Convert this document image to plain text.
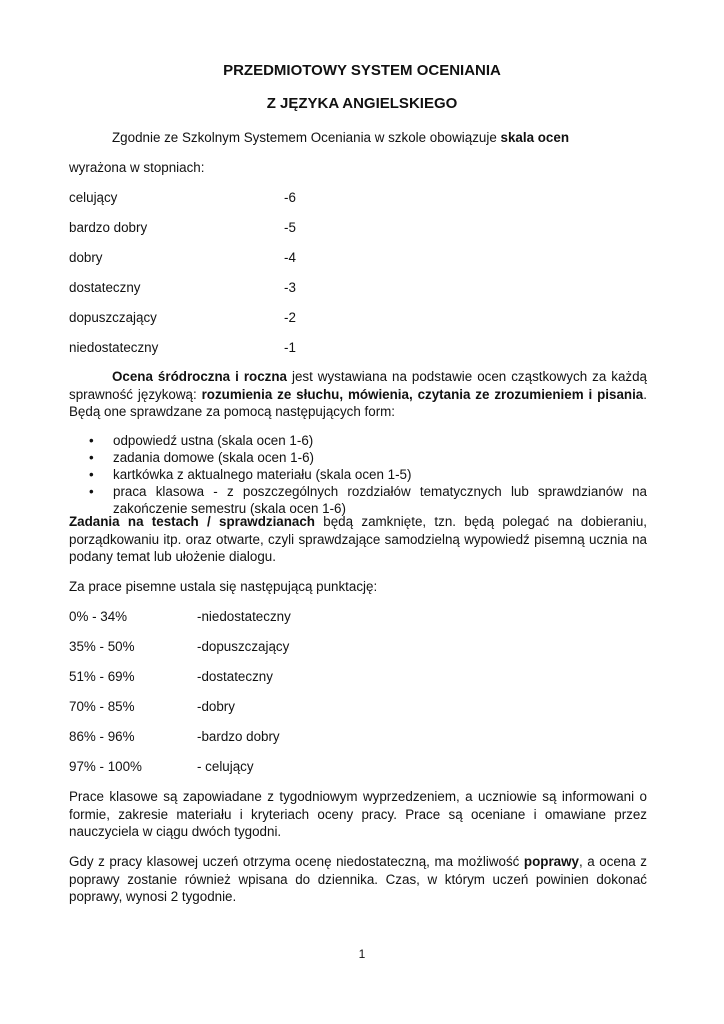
PRZEDMIOTOWY SYSTEM OCENIANIA
Z JĘZYKA ANGIELSKIEGO
Zgodnie ze Szkolnym Systemem Oceniania w szkole obowiązuje skala ocen
wyrażona w stopniach:
celujący	-6
bardzo dobry	-5
dobry	-4
dostateczny	-3
dopuszczający	-2
niedostateczny	-1
Ocena śródroczna i roczna jest wystawiana na podstawie ocen cząstkowych za każdą sprawność językową: rozumienia ze słuchu, mówienia, czytania ze zrozumieniem i pisania. Będą one sprawdzane za pomocą następujących form:
• odpowiedź ustna (skala ocen 1-6)
• zadania domowe (skala ocen 1-6)
• kartkówka z aktualnego materiału (skala ocen 1-5)
• praca klasowa - z poszczególnych rozdziałów tematycznych lub sprawdzianów na zakończenie semestru (skala ocen 1-6)
Zadania na testach / sprawdzianach będą zamknięte, tzn. będą polegać na dobieraniu, porządkowaniu itp. oraz otwarte, czyli sprawdzające samodzielną wypowiedź pisemną ucznia na podany temat lub ułożenie dialogu.
Za prace pisemne ustala się następującą punktację:
0% - 34%	-niedostateczny
35% - 50%	-dopuszczający
51% - 69%	-dostateczny
70% - 85%	-dobry
86% - 96%	-bardzo dobry
97% - 100%	- celujący
Prace klasowe są zapowiadane z tygodniowym wyprzedzeniem, a uczniowie są informowani o formie, zakresie materiału i kryteriach oceny pracy. Prace są oceniane i omawiane przez nauczyciela w ciągu dwóch tygodni.
Gdy z pracy klasowej uczeń otrzyma ocenę niedostateczną, ma możliwość poprawy, a ocena z poprawy zostanie również wpisana do dziennika. Czas, w którym uczeń powinien dokonać poprawy, wynosi 2 tygodnie.
1
